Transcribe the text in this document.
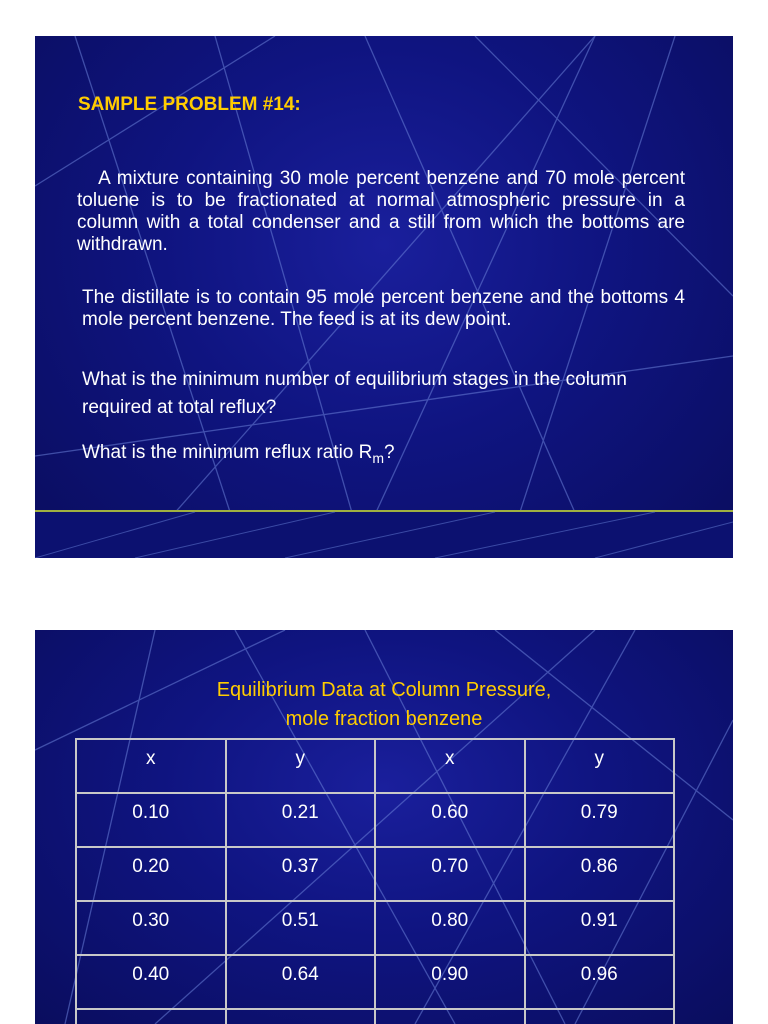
SAMPLE PROBLEM #14:

A mixture containing 30 mole percent benzene and 70 mole percent toluene is to be fractionated at normal atmospheric pressure in a column with a total condenser and a still from which the bottoms are withdrawn.

The distillate is to contain 95 mole percent benzene and the bottoms 4 mole percent benzene. The feed is at its dew point.

What is the minimum number of equilibrium stages in the column required at total reflux?

What is the minimum reflux ratio $R_m$?

Equilibrium Data at Column Pressure,
mole fraction benzene
x	y	x	y

0.10	0.21	0.60	0.79

0.20	0.37	0.70	0.86

0.30	0.51	0.80	0.91

0.40	0.64	0.90	0.96
